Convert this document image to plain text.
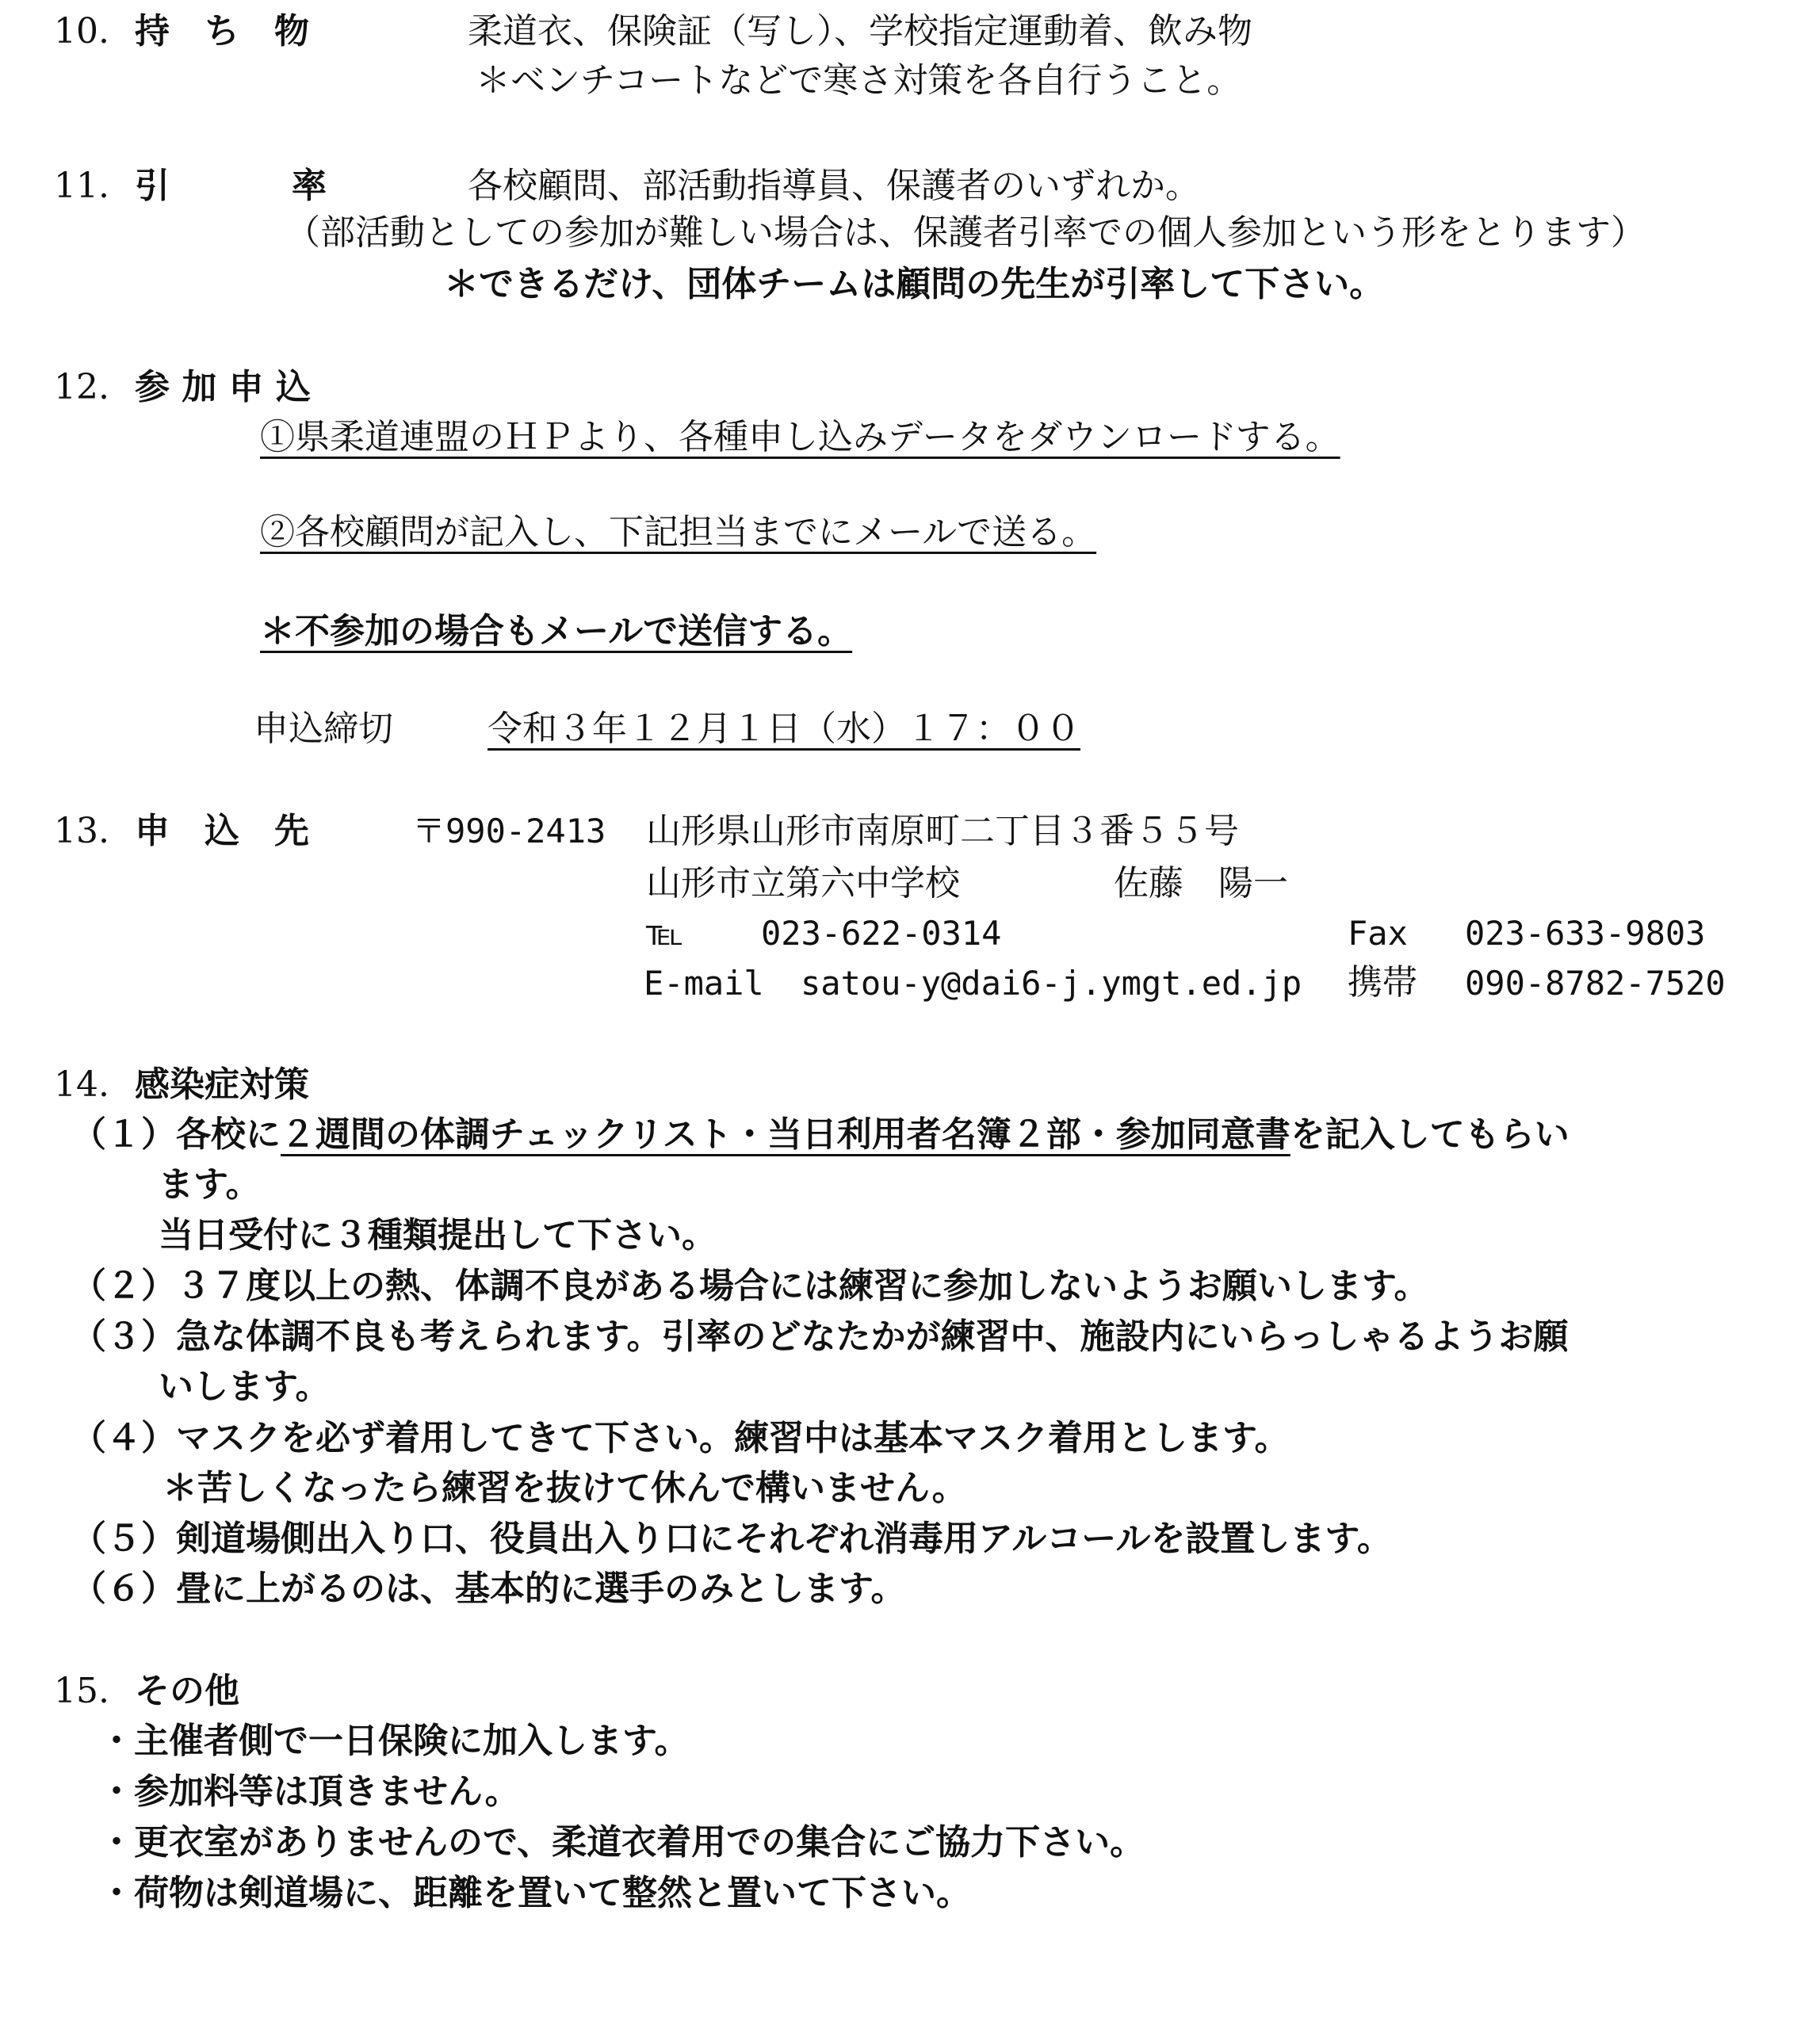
10. 持　ち　物	柔道衣、保険証（写し）、学校指定運動着、飲み物
＊ベンチコートなどで寒さ対策を各自行うこと。
11. 引	率	各校顧問、部活動指導員、保護者のいずれか。
（部活動としての参加が難しい場合は、保護者引率での個人参加という形をとります）
＊できるだけ、団体チームは顧問の先生が引率して下さい。
12. 参 加 申 込
①県柔道連盟のＨＰより、各種申し込みデータをダウンロードする。
②各校顧問が記入し、下記担当までにメールで送る。
＊不参加の場合もメールで送信する。
申込締切	令和３年１２月１日（水）１７：００
13. 申　込　先	〒990-2413 山形県山形市南原町二丁目３番５５号
山形市立第六中学校	佐藤　陽一
℡ 023-622-0314	Fax 023-633-9803
E-mail satou-y@dai6-j.ymgt.ed.jp 携帯 090-8782-7520
14. 感染症対策
（１）各校に２週間の体調チェックリスト・当日利用者名簿２部・参加同意書を記入してもらい
ます。
当日受付に３種類提出して下さい。
（２）３７度以上の熱、体調不良がある場合には練習に参加しないようお願いします。
（３）急な体調不良も考えられます。引率のどなたかが練習中、施設内にいらっしゃるようお願
いします。
（４）マスクを必ず着用してきて下さい。練習中は基本マスク着用とします。
＊苦しくなったら練習を抜けて休んで構いません。
（５）剣道場側出入り口、役員出入り口にそれぞれ消毒用アルコールを設置します。
（６）畳に上がるのは、基本的に選手のみとします。
15. その他
・主催者側で一日保険に加入します。
・参加料等は頂きません。
・更衣室がありませんので、柔道衣着用での集合にご協力下さい。
・荷物は剣道場に、距離を置いて整然と置いて下さい。
